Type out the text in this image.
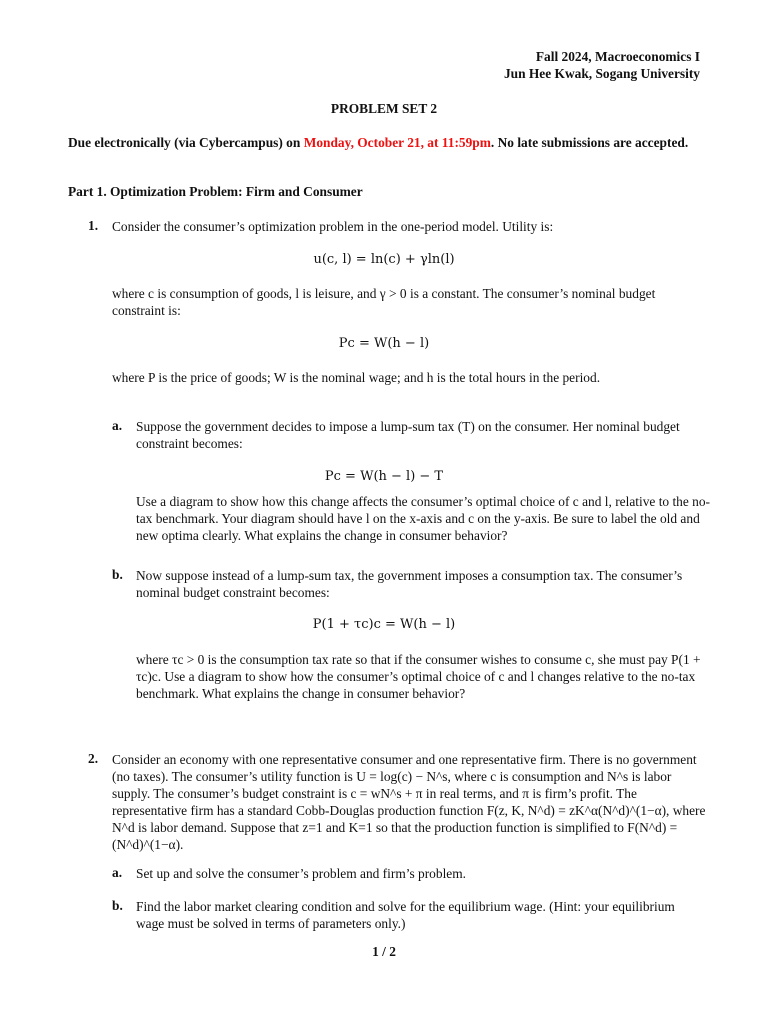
Fall 2024, Macroeconomics I
Jun Hee Kwak, Sogang University
PROBLEM SET 2
Due electronically (via Cybercampus) on Monday, October 21, at 11:59pm. No late submissions are accepted.
Part 1. Optimization Problem: Firm and Consumer
1. Consider the consumer’s optimization problem in the one-period model. Utility is:
u(c, l) = ln(c) + γln(l)
where c is consumption of goods, l is leisure, and γ > 0 is a constant. The consumer’s nominal budget constraint is:
Pc = W(h − l)
where P is the price of goods; W is the nominal wage; and h is the total hours in the period.
a. Suppose the government decides to impose a lump-sum tax (T) on the consumer. Her nominal budget constraint becomes:
Pc = W(h − l) − T
Use a diagram to show how this change affects the consumer’s optimal choice of c and l, relative to the no-tax benchmark. Your diagram should have l on the x-axis and c on the y-axis. Be sure to label the old and new optima clearly. What explains the change in consumer behavior?
b. Now suppose instead of a lump-sum tax, the government imposes a consumption tax. The consumer’s nominal budget constraint becomes:
P(1 + τc)c = W(h − l)
where τc > 0 is the consumption tax rate so that if the consumer wishes to consume c, she must pay P(1 + τc)c. Use a diagram to show how the consumer’s optimal choice of c and l changes relative to the no-tax benchmark. What explains the change in consumer behavior?
2. Consider an economy with one representative consumer and one representative firm. There is no government (no taxes). The consumer’s utility function is U = log(c) − N^s, where c is consumption and N^s is labor supply. The consumer’s budget constraint is c = wN^s + π in real terms, and π is firm’s profit. The representative firm has a standard Cobb-Douglas production function F(z, K, N^d) = zK^α(N^d)^(1−α), where N^d is labor demand. Suppose that z=1 and K=1 so that the production function is simplified to F(N^d) = (N^d)^(1−α).
a. Set up and solve the consumer’s problem and firm’s problem.
b. Find the labor market clearing condition and solve for the equilibrium wage. (Hint: your equilibrium wage must be solved in terms of parameters only.)
1 / 2
